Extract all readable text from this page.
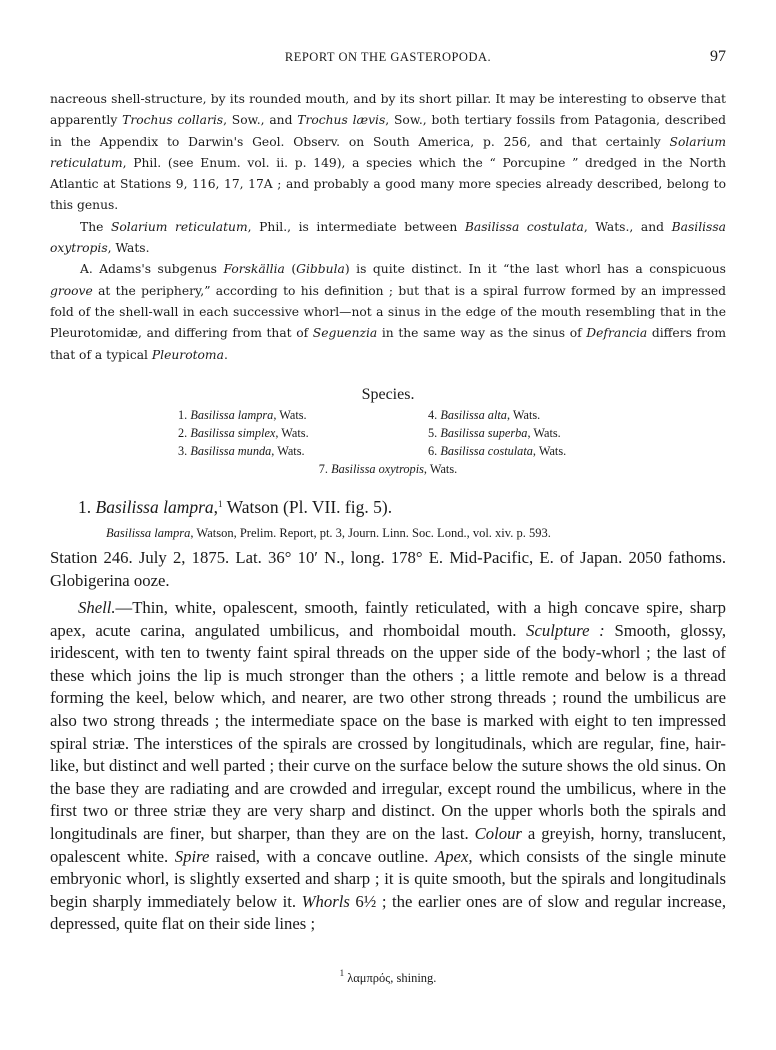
REPORT ON THE GASTEROPODA.	97

nacreous shell-structure, by its rounded mouth, and by its short pillar. It may be interesting to observe that apparently Trochus collaris, Sow., and Trochus lævis, Sow., both tertiary fossils from Patagonia, described in the Appendix to Darwin's Geol. Observ. on South America, p. 256, and that certainly Solarium reticulatum, Phil. (see Enum. vol. ii. p. 149), a species which the “ Porcupine ” dredged in the North Atlantic at Stations 9, 116, 17, 17A ; and probably a good many more species already described, belong to this genus.

The Solarium reticulatum, Phil., is intermediate between Basilissa costulata, Wats., and Basilissa oxytropis, Wats.

A. Adams's subgenus Forskällia (Gibbula) is quite distinct. In it “the last whorl has a conspicuous groove at the periphery,” according to his definition ; but that is a spiral furrow formed by an impressed fold of the shell-wall in each successive whorl—not a sinus in the edge of the mouth resembling that in the Pleurotomidæ, and differing from that of Seguenzia in the same way as the sinus of Defrancia differs from that of a typical Pleurotoma.

Species.
1. Basilissa lampra, Wats.	4. Basilissa alta, Wats.
2. Basilissa simplex, Wats.	5. Basilissa superba, Wats.
3. Basilissa munda, Wats.	6. Basilissa costulata, Wats.
7. Basilissa oxytropis, Wats.
1. Basilissa lampra,$^1$ Watson (Pl. VII. fig. 5).
Basilissa lampra, Watson, Prelim. Report, pt. 3, Journ. Linn. Soc. Lond., vol. xiv. p. 593.

Station 246. July 2, 1875. Lat. 36° 10′ N., long. 178° E. Mid-Pacific, E. of Japan. 2050 fathoms. Globigerina ooze.

Shell.—Thin, white, opalescent, smooth, faintly reticulated, with a high concave spire, sharp apex, acute carina, angulated umbilicus, and rhomboidal mouth. Sculpture : Smooth, glossy, iridescent, with ten to twenty faint spiral threads on the upper side of the body-whorl ; the last of these which joins the lip is much stronger than the others ; a little remote and below is a thread forming the keel, below which, and nearer, are two other strong threads ; round the umbilicus are also two strong threads ; the intermediate space on the base is marked with eight to ten impressed spiral striæ. The interstices of the spirals are crossed by longitudinals, which are regular, fine, hair-like, but distinct and well parted ; their curve on the surface below the suture shows the old sinus. On the base they are radiating and are crowded and irregular, except round the umbilicus, where in the first two or three striæ they are very sharp and distinct. On the upper whorls both the spirals and longitudinals are finer, but sharper, than they are on the last. Colour a greyish, horny, translucent, opalescent white. Spire raised, with a concave outline. Apex, which consists of the single minute embryonic whorl, is slightly exserted and sharp ; it is quite smooth, but the spirals and longitudinals begin sharply immediately below it. Whorls 6½ ; the earlier ones are of slow and regular increase, depressed, quite flat on their side lines ;

$^1$ λαμπρός, shining.
